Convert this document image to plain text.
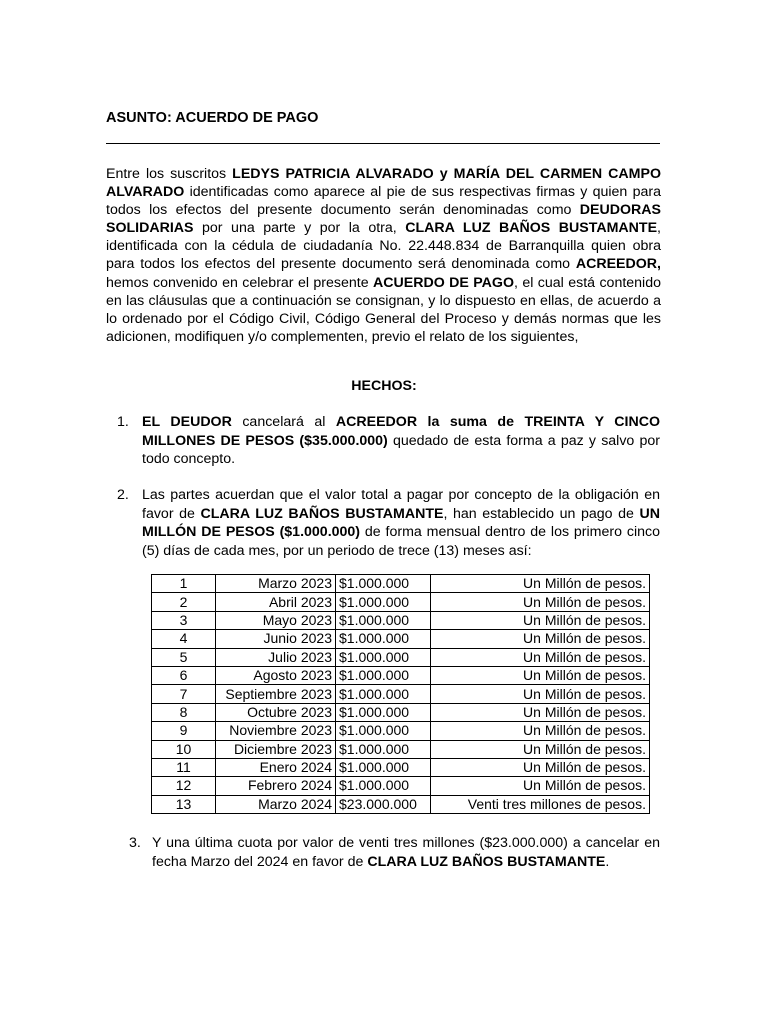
ASUNTO: ACUERDO DE PAGO
Entre los suscritos LEDYS PATRICIA ALVARADO y MARÍA DEL CARMEN CAMPO ALVARADO identificadas como aparece al pie de sus respectivas firmas y quien para todos los efectos del presente documento serán denominadas como DEUDORAS SOLIDARIAS por una parte y por la otra, CLARA LUZ BAÑOS BUSTAMANTE, identificada con la cédula de ciudadanía No. 22.448.834 de Barranquilla quien obra para todos los efectos del presente documento será denominada como ACREEDOR, hemos convenido en celebrar el presente ACUERDO DE PAGO, el cual está contenido en las cláusulas que a continuación se consignan, y lo dispuesto en ellas, de acuerdo a lo ordenado por el Código Civil, Código General del Proceso y demás normas que les adicionen, modifiquen y/o complementen, previo el relato de los siguientes,
HECHOS:
1. EL DEUDOR cancelará al ACREEDOR la suma de TREINTA Y CINCO MILLONES DE PESOS ($35.000.000) quedado de esta forma a paz y salvo por todo concepto.
2. Las partes acuerdan que el valor total a pagar por concepto de la obligación en favor de CLARA LUZ BAÑOS BUSTAMANTE, han establecido un pago de UN MILLÓN DE PESOS ($1.000.000) de forma mensual dentro de los primero cinco (5) días de cada mes, por un periodo de trece (13) meses así:
1	Marzo 2023	$1.000.000	Un Millón de pesos.
2	Abril 2023	$1.000.000	Un Millón de pesos.
3	Mayo 2023	$1.000.000	Un Millón de pesos.
4	Junio 2023	$1.000.000	Un Millón de pesos.
5	Julio 2023	$1.000.000	Un Millón de pesos.
6	Agosto 2023	$1.000.000	Un Millón de pesos.
7	Septiembre 2023	$1.000.000	Un Millón de pesos.
8	Octubre 2023	$1.000.000	Un Millón de pesos.
9	Noviembre 2023	$1.000.000	Un Millón de pesos.
10	Diciembre 2023	$1.000.000	Un Millón de pesos.
11	Enero 2024	$1.000.000	Un Millón de pesos.
12	Febrero 2024	$1.000.000	Un Millón de pesos.
13	Marzo 2024	$23.000.000	Venti tres millones de pesos.
3. Y una última cuota por valor de venti tres millones ($23.000.000) a cancelar en fecha Marzo del 2024 en favor de CLARA LUZ BAÑOS BUSTAMANTE.
